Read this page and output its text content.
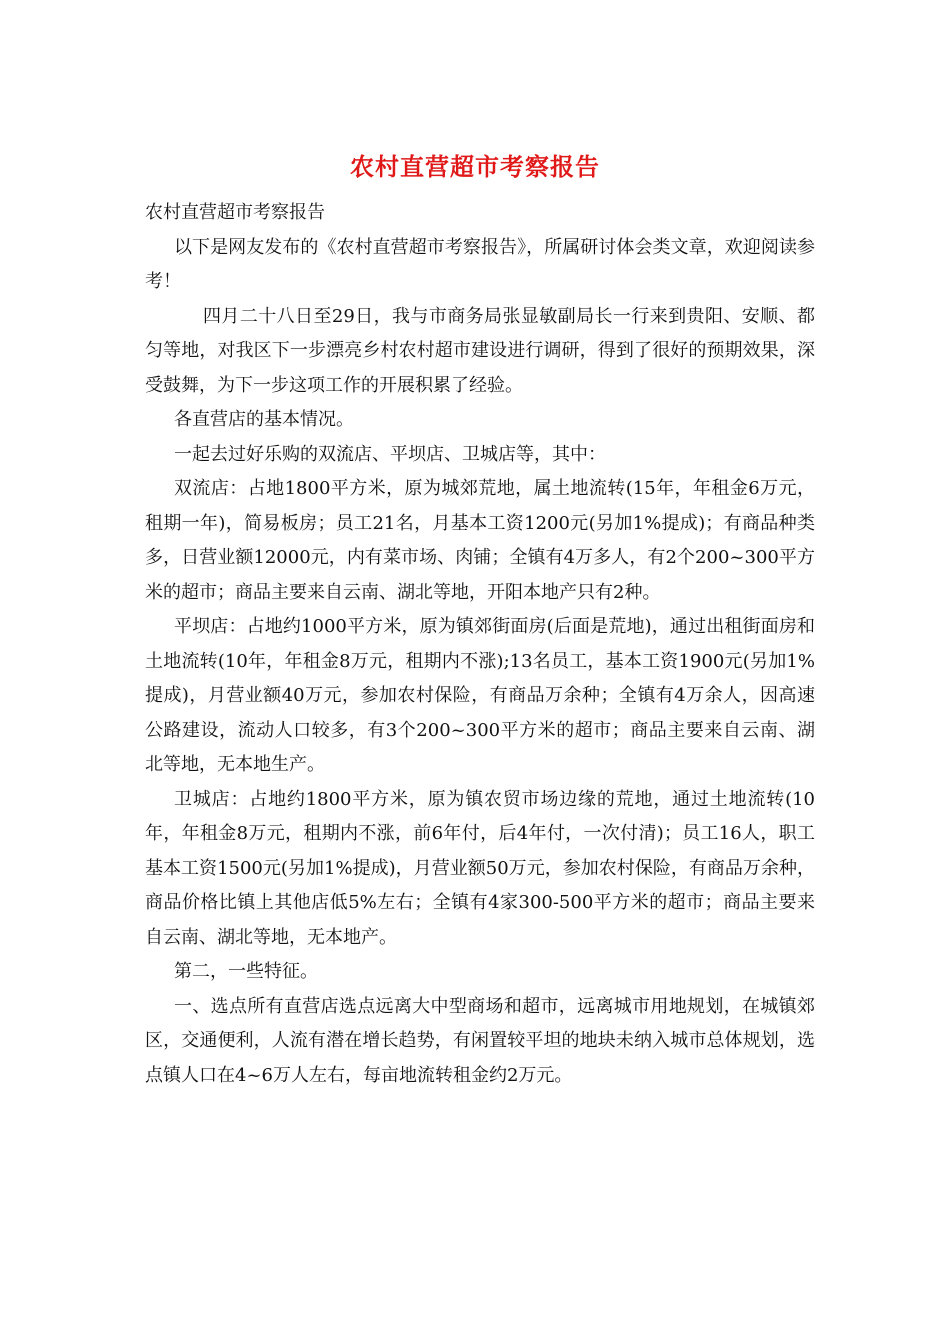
农村直营超市考察报告

农村直营超市考察报告

以下是网友发布的《农村直营超市考察报告》，所属研讨体会类文章，欢迎阅读参考！

四月二十八日至29日，我与市商务局张显敏副局长一行来到贵阳、安顺、都匀等地，对我区下一步漂亮乡村农村超市建设进行调研，得到了很好的预期效果，深受鼓舞，为下一步这项工作的开展积累了经验。

各直营店的基本情况。

一起去过好乐购的双流店、平坝店、卫城店等，其中：

双流店：占地1800平方米，原为城郊荒地，属土地流转(15年，年租金6万元，租期一年)，简易板房；员工21名，月基本工资1200元(另加1%提成)；有商品种类多，日营业额12000元，内有菜市场、肉铺；全镇有4万多人，有2个200~300平方米的超市；商品主要来自云南、湖北等地，开阳本地产只有2种。

平坝店：占地约1000平方米，原为镇郊街面房(后面是荒地)，通过出租街面房和土地流转(10年，年租金8万元，租期内不涨);13名员工，基本工资1900元(另加1%提成)，月营业额40万元，参加农村保险，有商品万余种；全镇有4万余人，因高速公路建设，流动人口较多，有3个200~300平方米的超市；商品主要来自云南、湖北等地，无本地生产。

卫城店：占地约1800平方米，原为镇农贸市场边缘的荒地，通过土地流转(10年，年租金8万元，租期内不涨，前6年付，后4年付，一次付清)；员工16人，职工基本工资1500元(另加1%提成)，月营业额50万元，参加农村保险，有商品万余种，商品价格比镇上其他店低5%左右；全镇有4家300-500平方米的超市；商品主要来自云南、湖北等地，无本地产。

第二，一些特征。

一、选点所有直营店选点远离大中型商场和超市，远离城市用地规划，在城镇郊区，交通便利，人流有潜在增长趋势，有闲置较平坦的地块未纳入城市总体规划，选点镇人口在4~6万人左右，每亩地流转租金约2万元。
